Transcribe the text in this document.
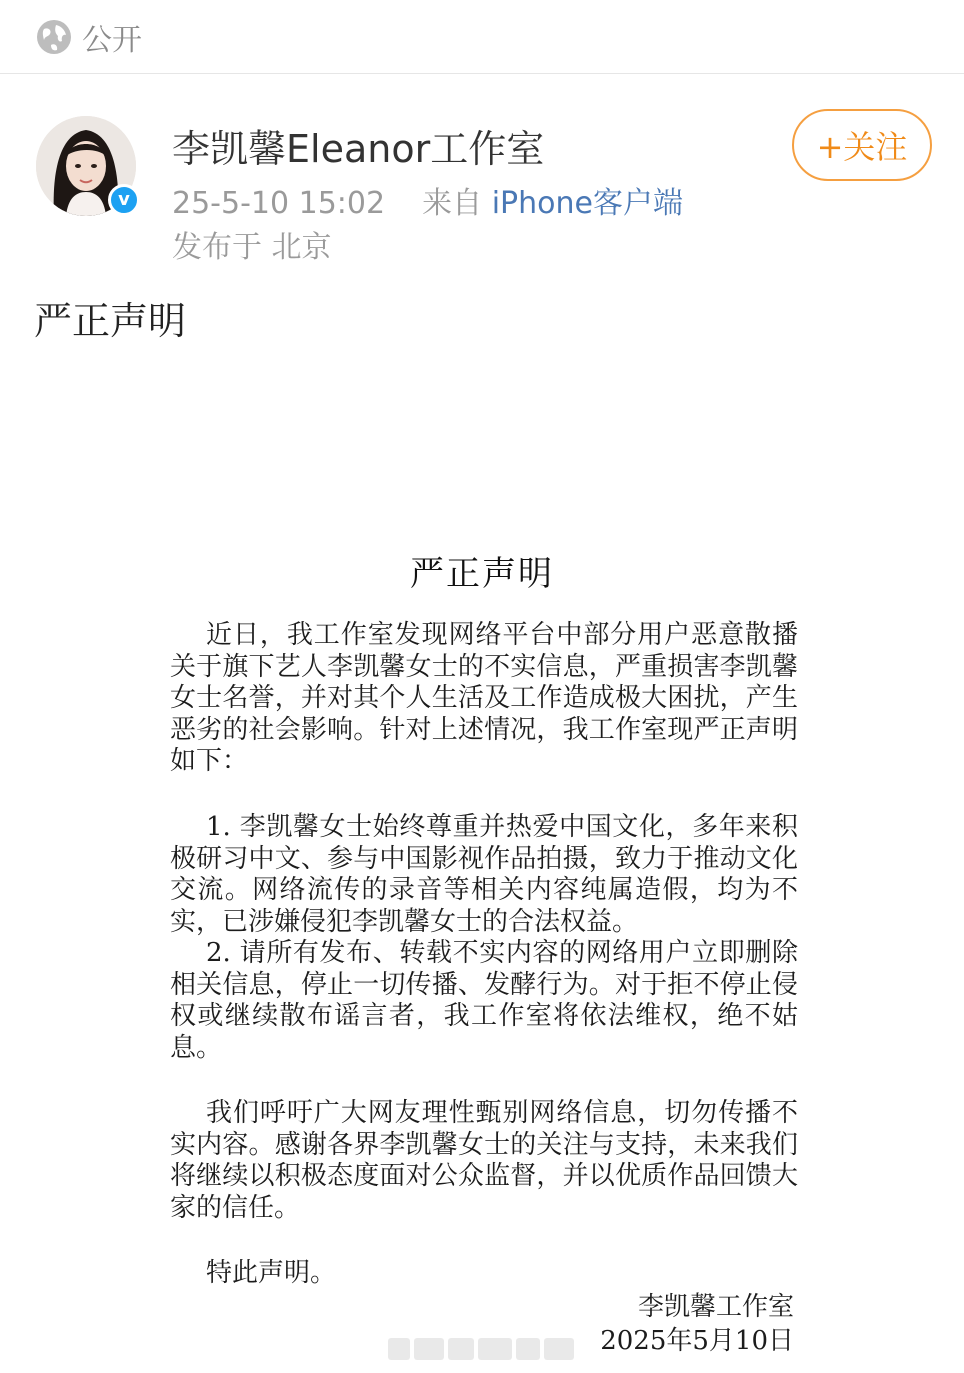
公开
v
李凯馨Eleanor工作室
25-5-10 15:02 来自 iPhone客户端
发布于 北京
+关注
严正声明
严正声明
近日，我工作室发现网络平台中部分用户恶意散播关于旗下艺人李凯馨女士的不实信息，严重损害李凯馨女士名誉，并对其个人生活及工作造成极大困扰，产生恶劣的社会影响。针对上述情况，我工作室现严正声明如下：
1. 李凯馨女士始终尊重并热爱中国文化，多年来积极研习中文、参与中国影视作品拍摄，致力于推动文化交流。网络流传的录音等相关内容纯属造假，均为不实，已涉嫌侵犯李凯馨女士的合法权益。
2. 请所有发布、转载不实内容的网络用户立即删除相关信息，停止一切传播、发酵行为。对于拒不停止侵权或继续散布谣言者，我工作室将依法维权，绝不姑息。
我们呼吁广大网友理性甄别网络信息，切勿传播不实内容。感谢各界李凯馨女士的关注与支持，未来我们将继续以积极态度面对公众监督，并以优质作品回馈大家的信任。
特此声明。
李凯馨工作室
2025年5月10日
